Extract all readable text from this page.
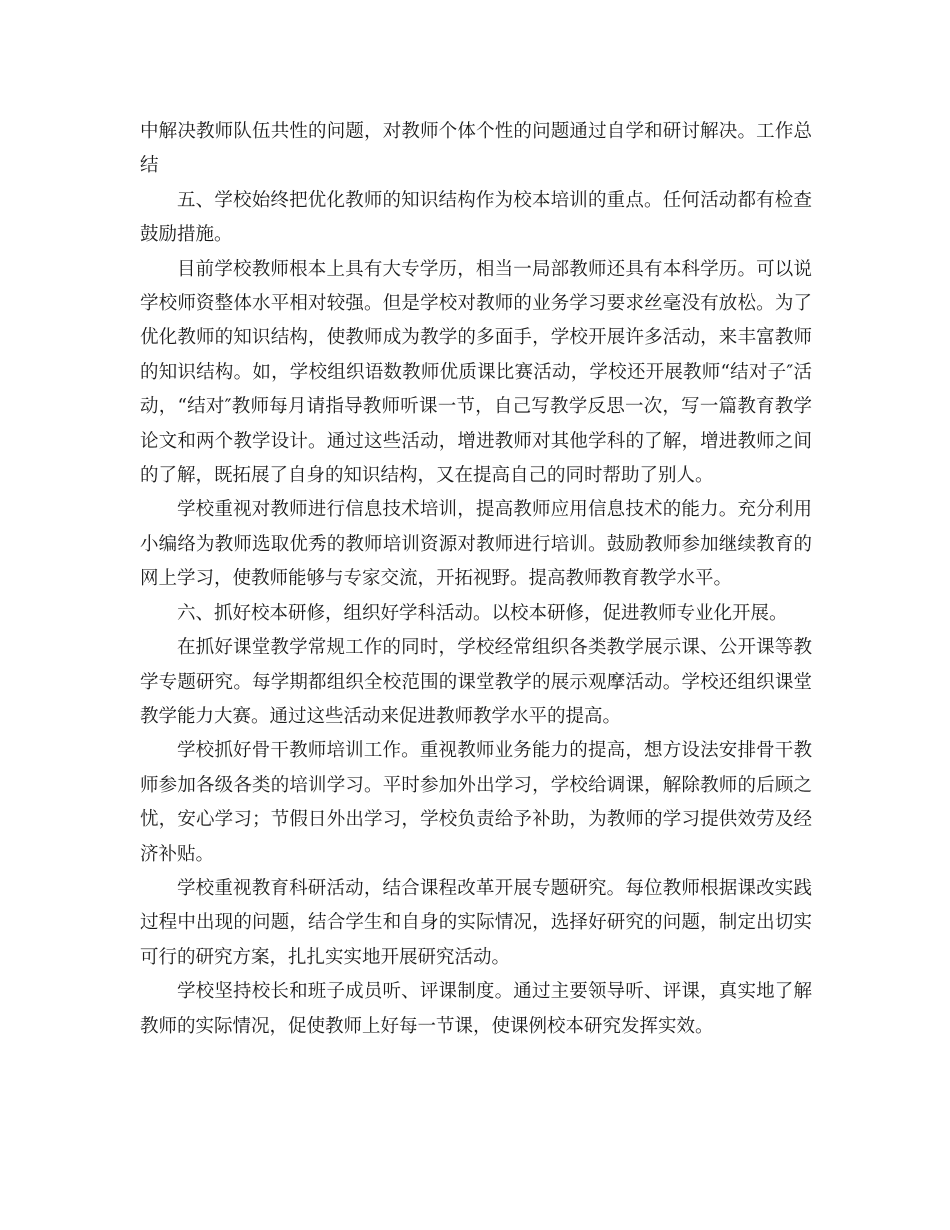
中解决教师队伍共性的问题，对教师个体个性的问题通过自学和研讨解决。工作总结

五、学校始终把优化教师的知识结构作为校本培训的重点。任何活动都有检查鼓励措施。

目前学校教师根本上具有大专学历，相当一局部教师还具有本科学历。可以说学校师资整体水平相对较强。但是学校对教师的业务学习要求丝毫没有放松。为了优化教师的知识结构，使教师成为教学的多面手，学校开展许多活动，来丰富教师的知识结构。如，学校组织语数教师优质课比赛活动，学校还开展教师“结对子″活动，“结对″教师每月请指导教师听课一节，自己写教学反思一次，写一篇教育教学论文和两个教学设计。通过这些活动，增进教师对其他学科的了解，增进教师之间的了解，既拓展了自身的知识结构，又在提高自己的同时帮助了别人。

学校重视对教师进行信息技术培训，提高教师应用信息技术的能力。充分利用小编络为教师选取优秀的教师培训资源对教师进行培训。鼓励教师参加继续教育的网上学习，使教师能够与专家交流，开拓视野。提高教师教育教学水平。

六、抓好校本研修，组织好学科活动。以校本研修，促进教师专业化开展。

在抓好课堂教学常规工作的同时，学校经常组织各类教学展示课、公开课等教学专题研究。每学期都组织全校范围的课堂教学的展示观摩活动。学校还组织课堂教学能力大赛。通过这些活动来促进教师教学水平的提高。

学校抓好骨干教师培训工作。重视教师业务能力的提高，想方设法安排骨干教师参加各级各类的培训学习。平时参加外出学习，学校给调课，解除教师的后顾之忧，安心学习；节假日外出学习，学校负责给予补助，为教师的学习提供效劳及经济补贴。

学校重视教育科研活动，结合课程改革开展专题研究。每位教师根据课改实践过程中出现的问题，结合学生和自身的实际情况，选择好研究的问题，制定出切实可行的研究方案，扎扎实实地开展研究活动。

学校坚持校长和班子成员听、评课制度。通过主要领导听、评课，真实地了解教师的实际情况，促使教师上好每一节课，使课例校本研究发挥实效。
